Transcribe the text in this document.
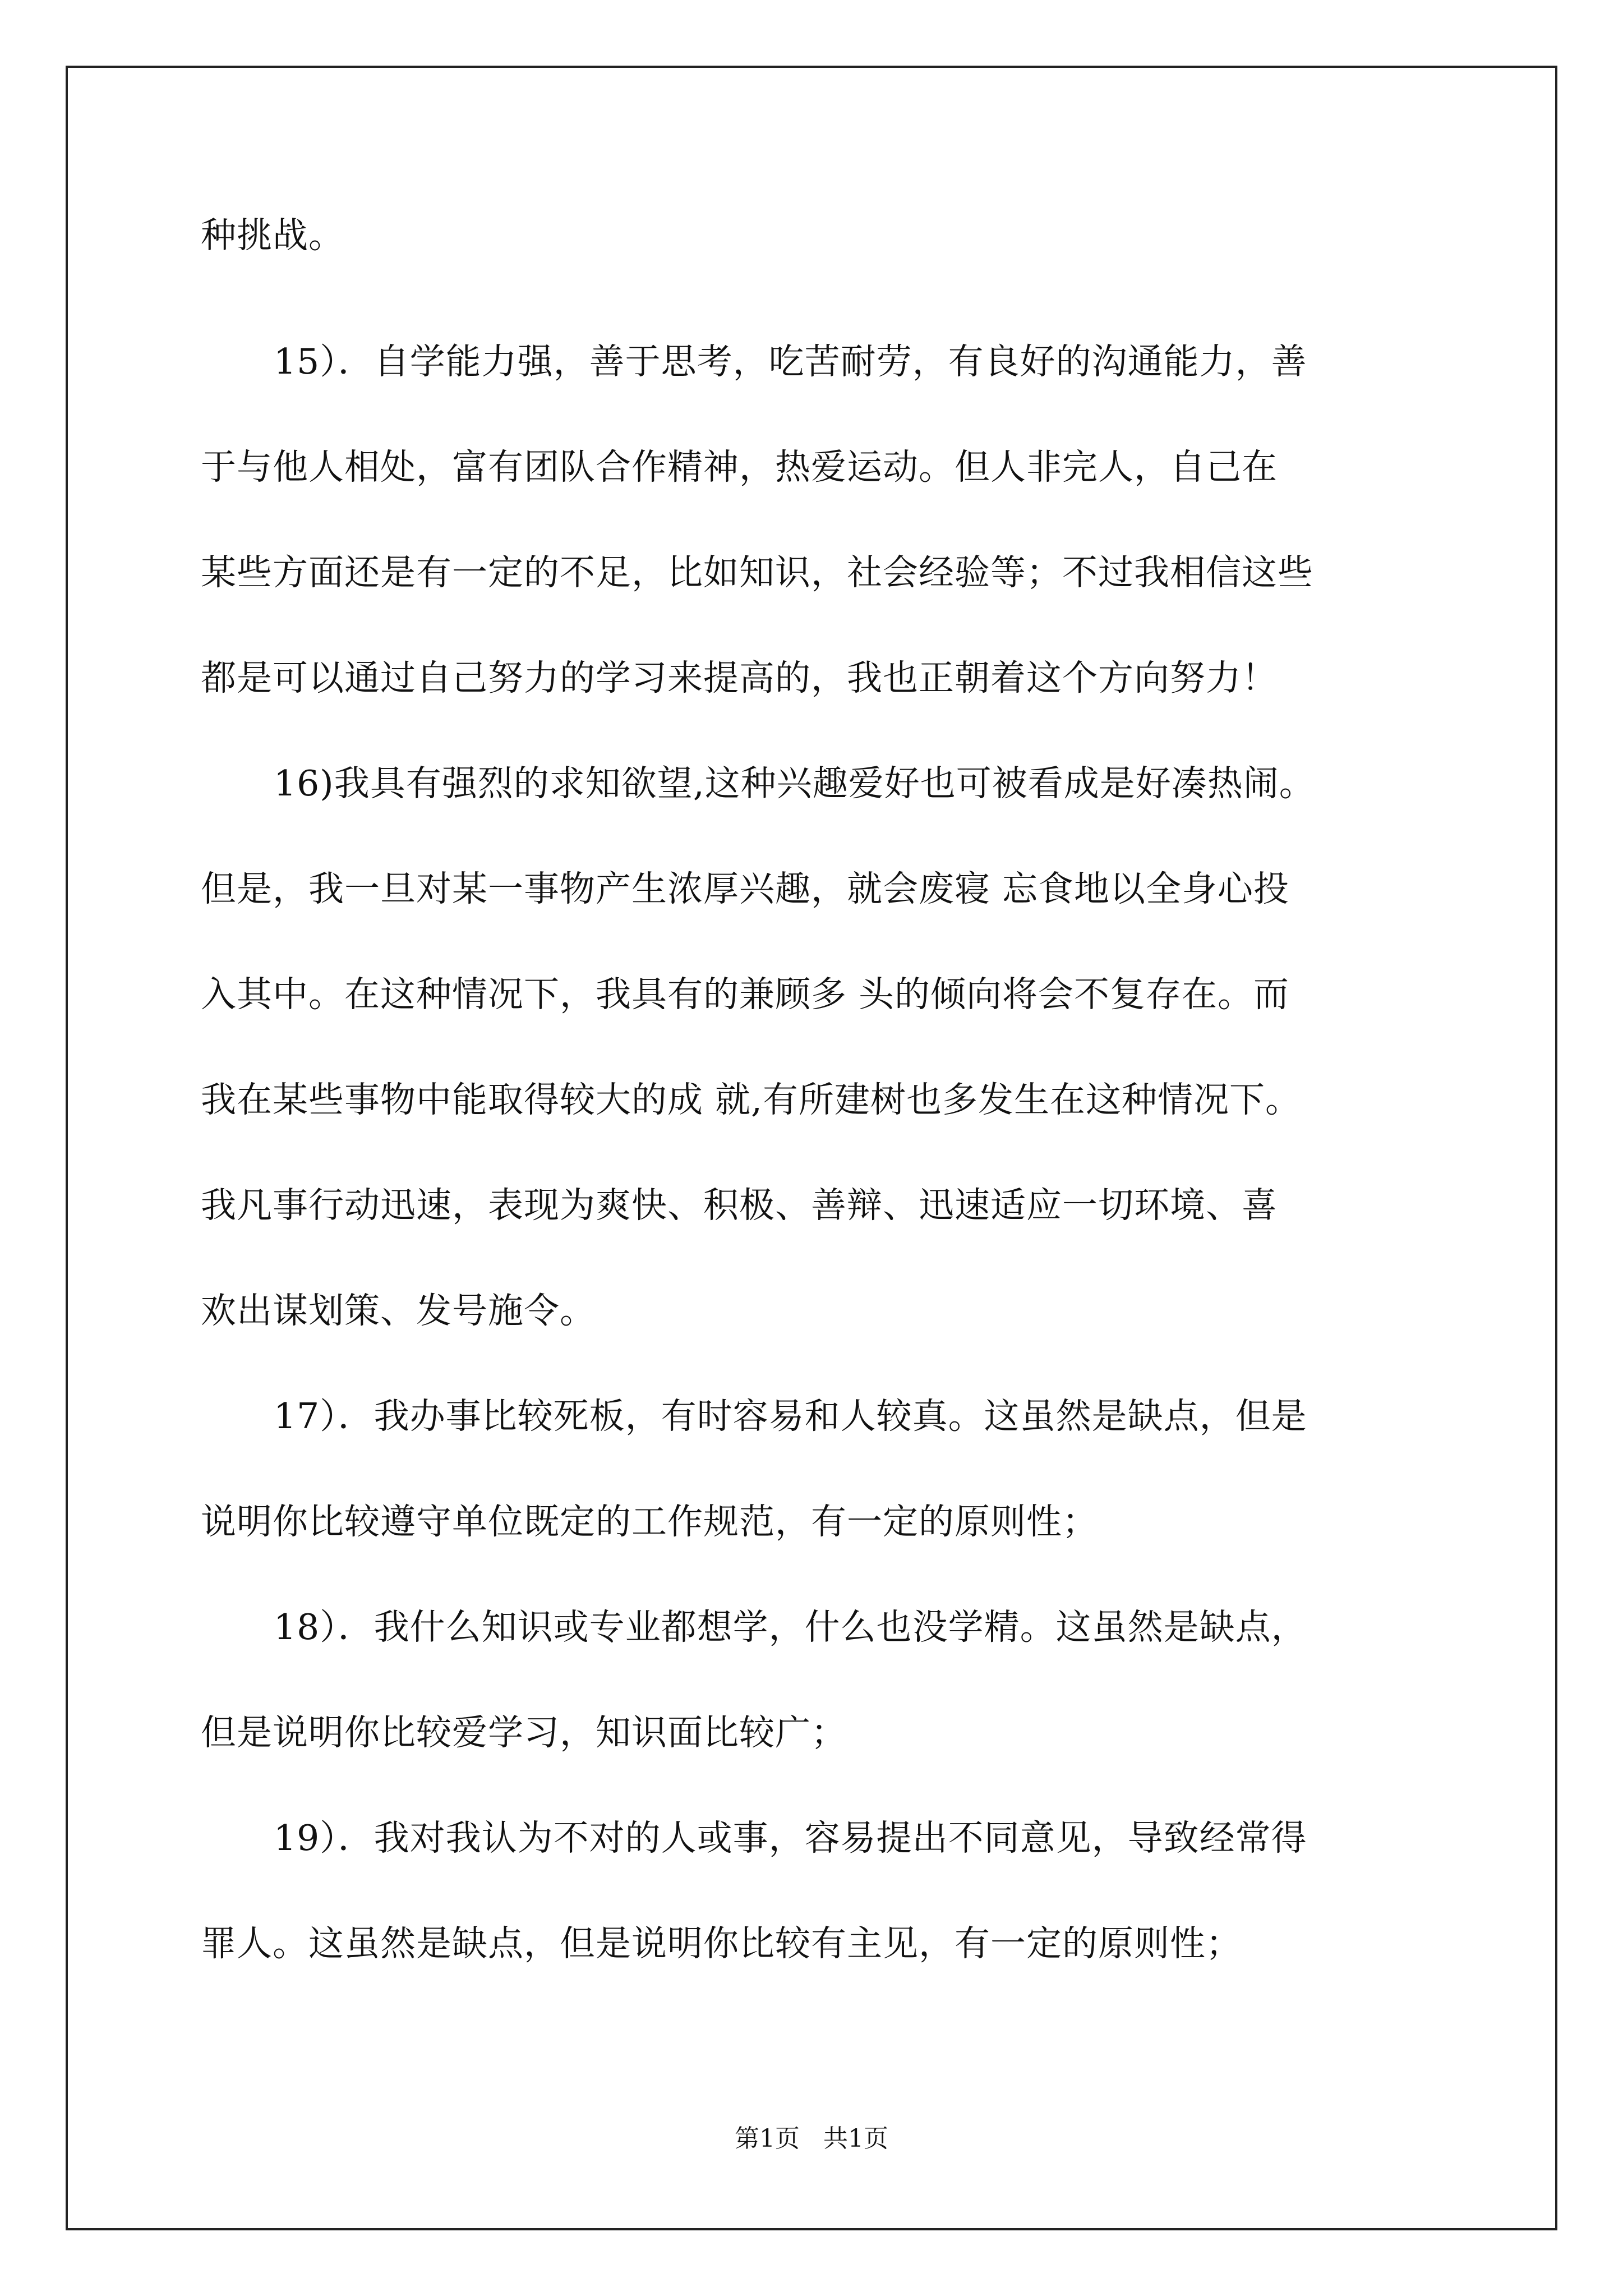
种挑战。
15）．自学能力强，善于思考，吃苦耐劳，有良好的沟通能力，善
于与他人相处，富有团队合作精神，热爱运动。但人非完人，自己在
某些方面还是有一定的不足，比如知识，社会经验等；不过我相信这些
都是可以通过自己努力的学习来提高的，我也正朝着这个方向努力！
16)我具有强烈的求知欲望,这种兴趣爱好也可被看成是好凑热闹。
但是，我一旦对某一事物产生浓厚兴趣，就会废寝 忘食地以全身心投
入其中。在这种情况下，我具有的兼顾多 头的倾向将会不复存在。而
我在某些事物中能取得较大的成 就,有所建树也多发生在这种情况下。
我凡事行动迅速，表现为爽快、积极、善辩、迅速适应一切环境、喜
欢出谋划策、发号施令。
17）．我办事比较死板，有时容易和人较真。这虽然是缺点，但是
说明你比较遵守单位既定的工作规范，有一定的原则性；
18）．我什么知识或专业都想学，什么也没学精。这虽然是缺点，
但是说明你比较爱学习，知识面比较广；
19）．我对我认为不对的人或事，容易提出不同意见，导致经常得
罪人。这虽然是缺点，但是说明你比较有主见，有一定的原则性；
第1页   共1页
